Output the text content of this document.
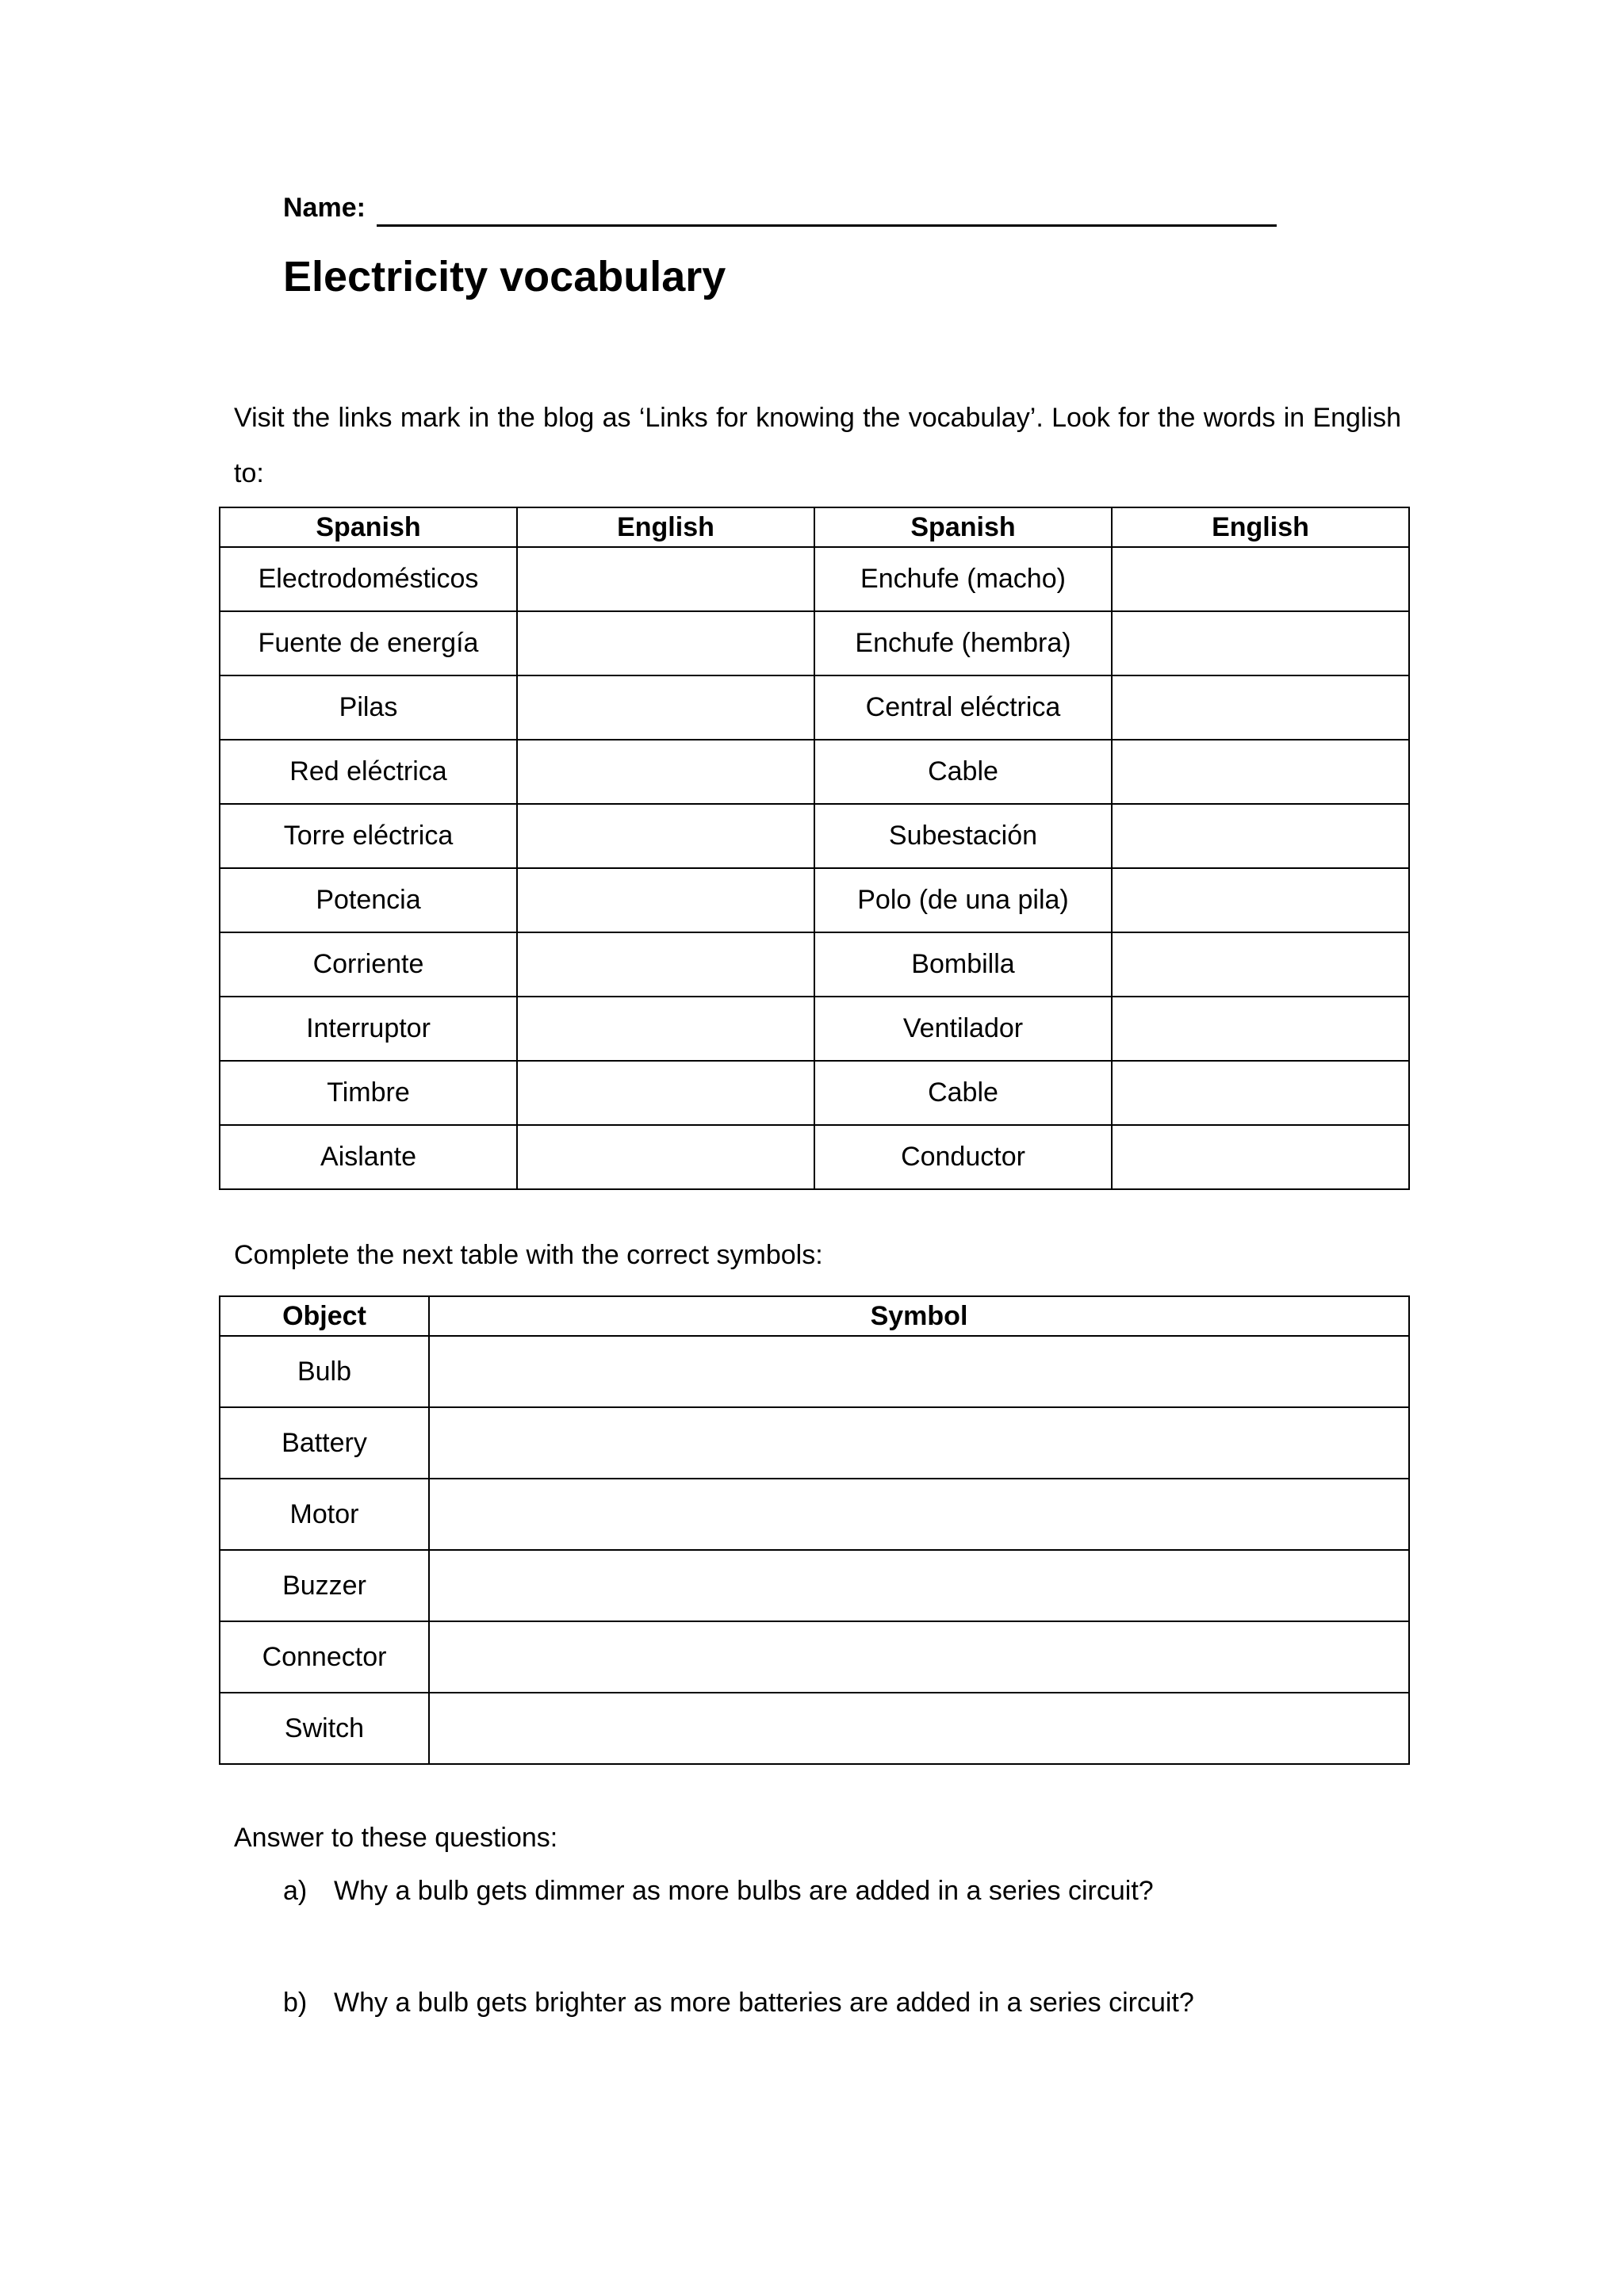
Name:
Electricity vocabulary
Visit the links mark in the blog as ‘Links for knowing the vocabulay’. Look for the words in English to:
Spanish	English	Spanish	English
Electrodomésticos		Enchufe (macho)	
Fuente de energía		Enchufe (hembra)	
Pilas		Central eléctrica	
Red eléctrica		Cable	
Torre eléctrica		Subestación	
Potencia		Polo (de una pila)	
Corriente		Bombilla	
Interruptor		Ventilador	
Timbre		Cable	
Aislante		Conductor	
Complete the next table with the correct symbols:
Object	Symbol
Bulb	
Battery	
Motor	
Buzzer	
Connector	
Switch	
Answer to these questions:
a) Why a bulb gets dimmer as more bulbs are added in a series circuit?
b) Why a bulb gets brighter as more batteries are added in a series circuit?
